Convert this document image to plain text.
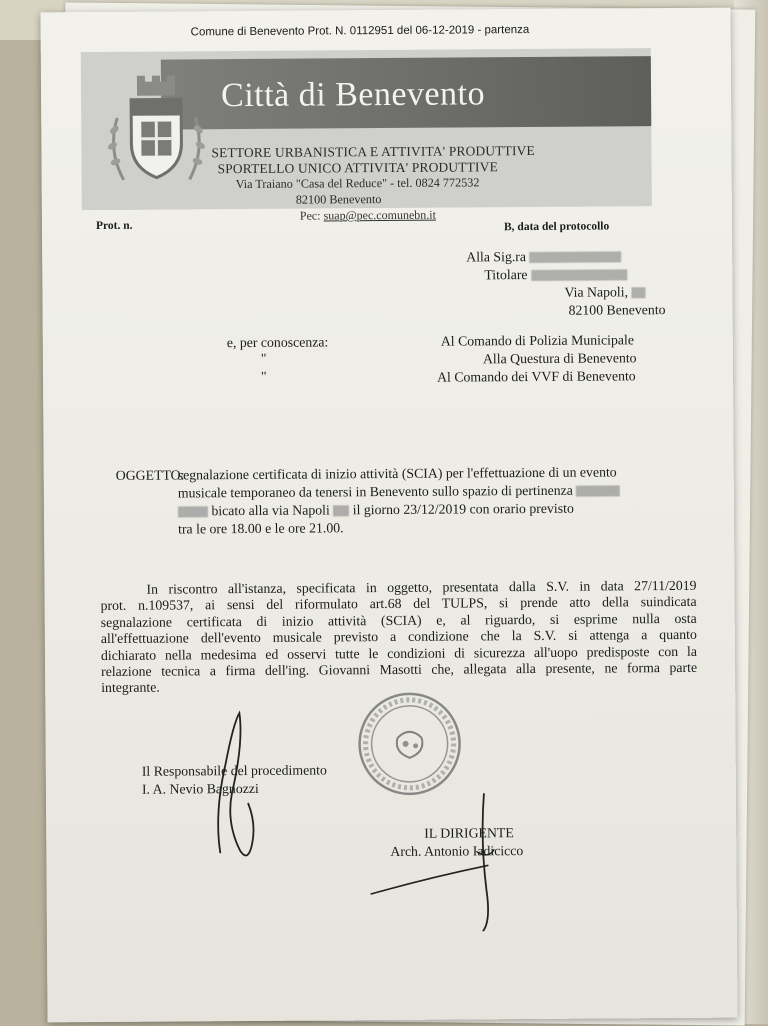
Comune di Benevento Prot. N. 0112951 del 06-12-2019 - partenza
Città di Benevento
SETTORE URBANISTICA E ATTIVITA' PRODUTTIVE
SPORTELLO UNICO ATTIVITA' PRODUTTIVE
Via Traiano "Casa del Reduce" - tel. 0824 772532
82100 Benevento
Pec: suap@pec.comunebn.it
Prot. n.	B, data del protocollo
Alla Sig.ra
Titolare
Via Napoli,
82100 Benevento
e, per conoscenza:
"
"
Al Comando di Polizia Municipale
Alla Questura di Benevento
Al Comando dei VVF di Benevento
OGGETTO:
segnalazione certificata di inizio attività (SCIA) per l'effettuazione di un evento
musicale temporaneo da tenersi in Benevento sullo spazio di pertinenza
bicato alla via Napoli il giorno 23/12/2019 con orario previsto
tra le ore 18.00 e le ore 21.00.
In riscontro all'istanza, specificata in oggetto, presentata dalla S.V. in data 27/11/2019
prot. n.109537, ai sensi del riformulato art.68 del TULPS, si prende atto della suindicata
segnalazione certificata di inizio attività (SCIA) e, al riguardo, si esprime nulla osta
all'effettuazione dell'evento musicale previsto a condizione che la S.V. si attenga a quanto
dichiarato nella medesima ed osservi tutte le condizioni di sicurezza all'uopo predisposte con la
relazione tecnica a firma dell'ing. Giovanni Masotti che, allegata alla presente, ne forma parte
integrante.
Il Responsabile del procedimento
I. A. Nevio Bagnozzi
IL DIRIGENTE
Arch. Antonio Iadicicco
